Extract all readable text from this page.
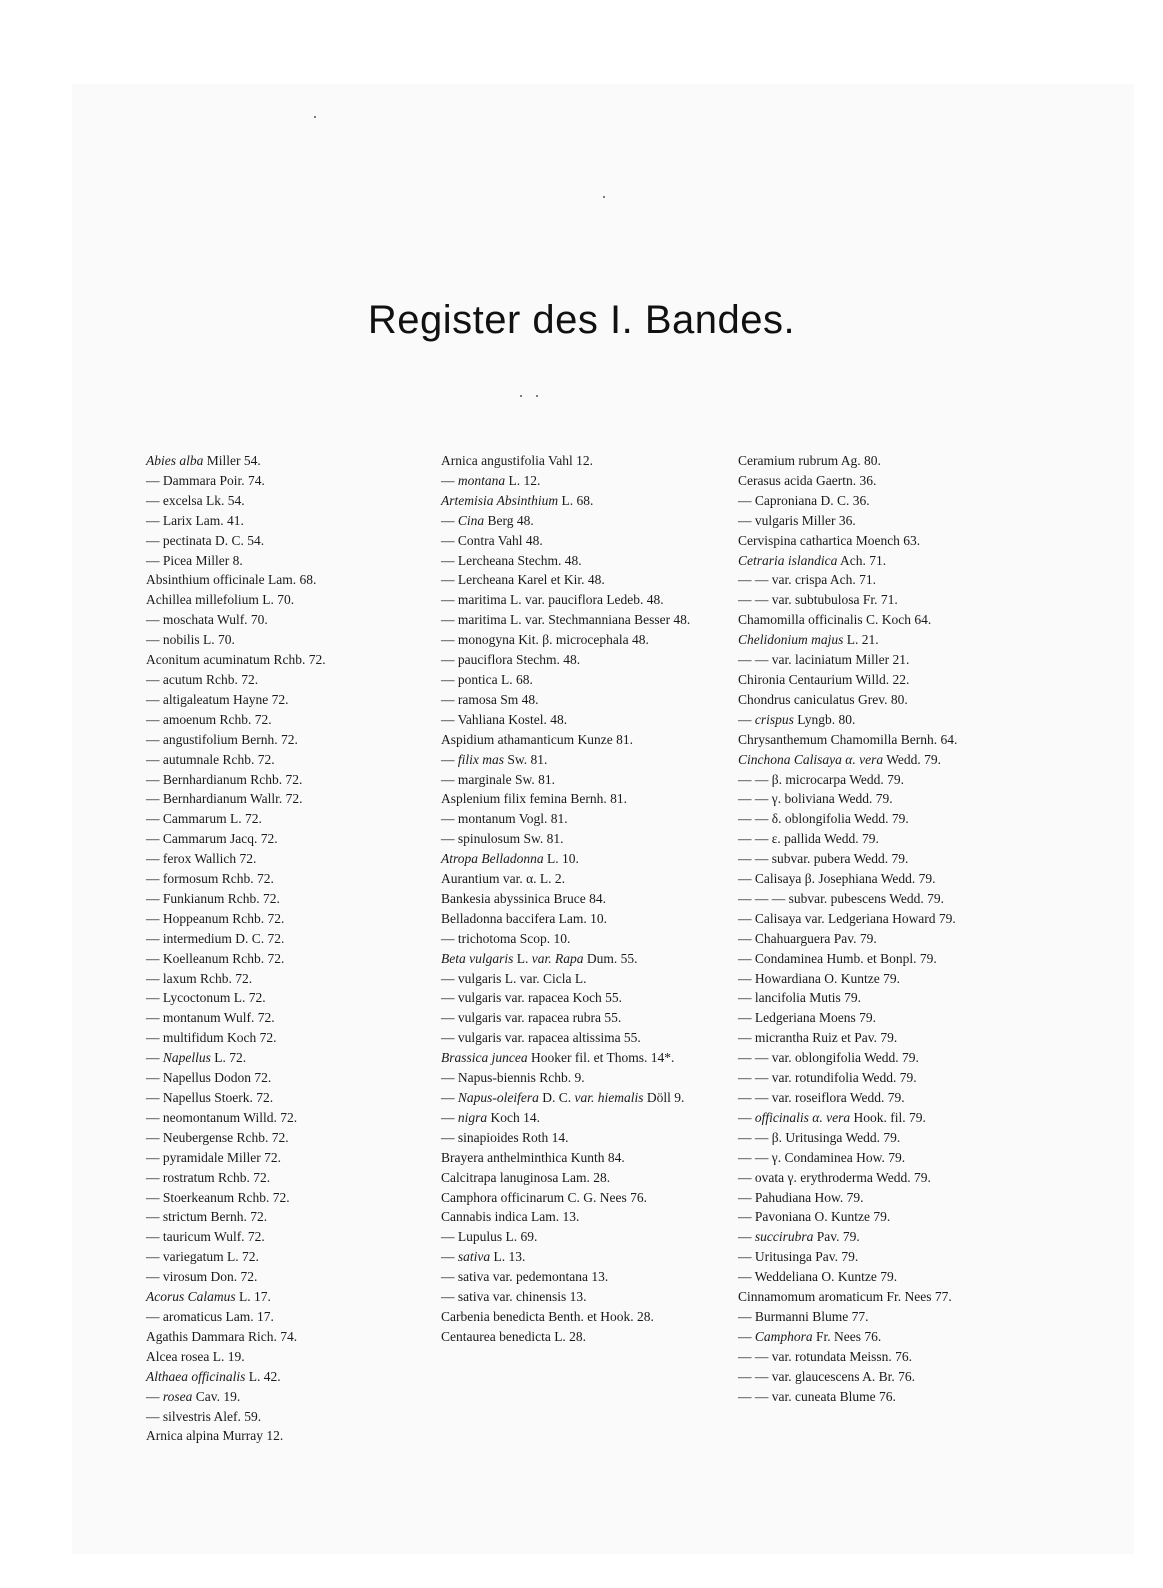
Register des I. Bandes.
Abies alba Miller 54.
— Dammara Poir. 74.
— excelsa Lk. 54.
— Larix Lam. 41.
— pectinata D. C. 54.
— Picea Miller 8.
Absinthium officinale Lam. 68.
Achillea millefolium L. 70.
— moschata Wulf. 70.
— nobilis L. 70.
Aconitum acuminatum Rchb. 72.
— acutum Rchb. 72.
— altigaleatum Hayne 72.
— amoenum Rchb. 72.
— angustifolium Bernh. 72.
— autumnale Rchb. 72.
— Bernhardianum Rchb. 72.
— Bernhardianum Wallr. 72.
— Cammarum L. 72.
— Cammarum Jacq. 72.
— ferox Wallich 72.
— formosum Rchb. 72.
— Funkianum Rchb. 72.
— Hoppeanum Rchb. 72.
— intermedium D. C. 72.
— Koelleanum Rchb. 72.
— laxum Rchb. 72.
— Lycoctonum L. 72.
— montanum Wulf. 72.
— multifidum Koch 72.
— Napellus L. 72.
— Napellus Dodon 72.
— Napellus Stoerk. 72.
— neomontanum Willd. 72.
— Neubergense Rchb. 72.
— pyramidale Miller 72.
— rostratum Rchb. 72.
— Stoerkeanum Rchb. 72.
— strictum Bernh. 72.
— tauricum Wulf. 72.
— variegatum L. 72.
— virosum Don. 72.
Acorus Calamus L. 17.
— aromaticus Lam. 17.
Agathis Dammara Rich. 74.
Alcea rosea L. 19.
Althaea officinalis L. 42.
— rosea Cav. 19.
— silvestris Alef. 59.
Arnica alpina Murray 12.
Arnica angustifolia Vahl 12.
— montana L. 12.
Artemisia Absinthium L. 68.
— Cina Berg 48.
— Contra Vahl 48.
— Lercheana Stechm. 48.
— Lercheana Karel et Kir. 48.
— maritima L. var. pauciflora Ledeb. 48.
— maritima L. var. Stechmanniana Besser 48.
— monogyna Kit. β. microcephala 48.
— pauciflora Stechm. 48.
— pontica L. 68.
— ramosa Sm 48.
— Vahliana Kostel. 48.
Aspidium athamanticum Kunze 81.
— filix mas Sw. 81.
— marginale Sw. 81.
Asplenium filix femina Bernh. 81.
— montanum Vogl. 81.
— spinulosum Sw. 81.
Atropa Belladonna L. 10.
Aurantium var. α. L. 2.
Bankesia abyssinica Bruce 84.
Belladonna baccifera Lam. 10.
— trichotoma Scop. 10.
Beta vulgaris L. var. Rapa Dum. 55.
— vulgaris L. var. Cicla L.
— vulgaris var. rapacea Koch 55.
— vulgaris var. rapacea rubra 55.
— vulgaris var. rapacea altissima 55.
Brassica juncea Hooker fil. et Thoms. 14*.
— Napus-biennis Rchb. 9.
— Napus-oleifera D. C. var. hiemalis Döll 9.
— nigra Koch 14.
— sinapioides Roth 14.
Brayera anthelminthica Kunth 84.
Calcitrapa lanuginosa Lam. 28.
Camphora officinarum C. G. Nees 76.
Cannabis indica Lam. 13.
— Lupulus L. 69.
— sativa L. 13.
— sativa var. pedemontana 13.
— sativa var. chinensis 13.
Carbenia benedicta Benth. et Hook. 28.
Centaurea benedicta L. 28.
Ceramium rubrum Ag. 80.
Cerasus acida Gaertn. 36.
— Caproniana D. C. 36.
— vulgaris Miller 36.
Cervispina cathartica Moench 63.
Cetraria islandica Ach. 71.
— — var. crispa Ach. 71.
— — var. subtubulosa Fr. 71.
Chamomilla officinalis C. Koch 64.
Chelidonium majus L. 21.
— — var. laciniatum Miller 21.
Chironia Centaurium Willd. 22.
Chondrus caniculatus Grev. 80.
— crispus Lyngb. 80.
Chrysanthemum Chamomilla Bernh. 64.
Cinchona Calisaya α. vera Wedd. 79.
— — β. microcarpa Wedd. 79.
— — γ. boliviana Wedd. 79.
— — δ. oblongifolia Wedd. 79.
— — ε. pallida Wedd. 79.
— — subvar. pubera Wedd. 79.
— Calisaya β. Josephiana Wedd. 79.
— — — subvar. pubescens Wedd. 79.
— Calisaya var. Ledgeriana Howard 79.
— Chahuarguera Pav. 79.
— Condaminea Humb. et Bonpl. 79.
— Howardiana O. Kuntze 79.
— lancifolia Mutis 79.
— Ledgeriana Moens 79.
— micrantha Ruiz et Pav. 79.
— — var. oblongifolia Wedd. 79.
— — var. rotundifolia Wedd. 79.
— — var. roseiflora Wedd. 79.
— officinalis α. vera Hook. fil. 79.
— — β. Uritusinga Wedd. 79.
— — γ. Condaminea How. 79.
— ovata γ. erythroderma Wedd. 79.
— Pahudiana How. 79.
— Pavoniana O. Kuntze 79.
— succirubra Pav. 79.
— Uritusinga Pav. 79.
— Weddeliana O. Kuntze 79.
Cinnamomum aromaticum Fr. Nees 77.
— Burmanni Blume 77.
— Camphora Fr. Nees 76.
— — var. rotundata Meissn. 76.
— — var. glaucescens A. Br. 76.
— — var. cuneata Blume 76.
